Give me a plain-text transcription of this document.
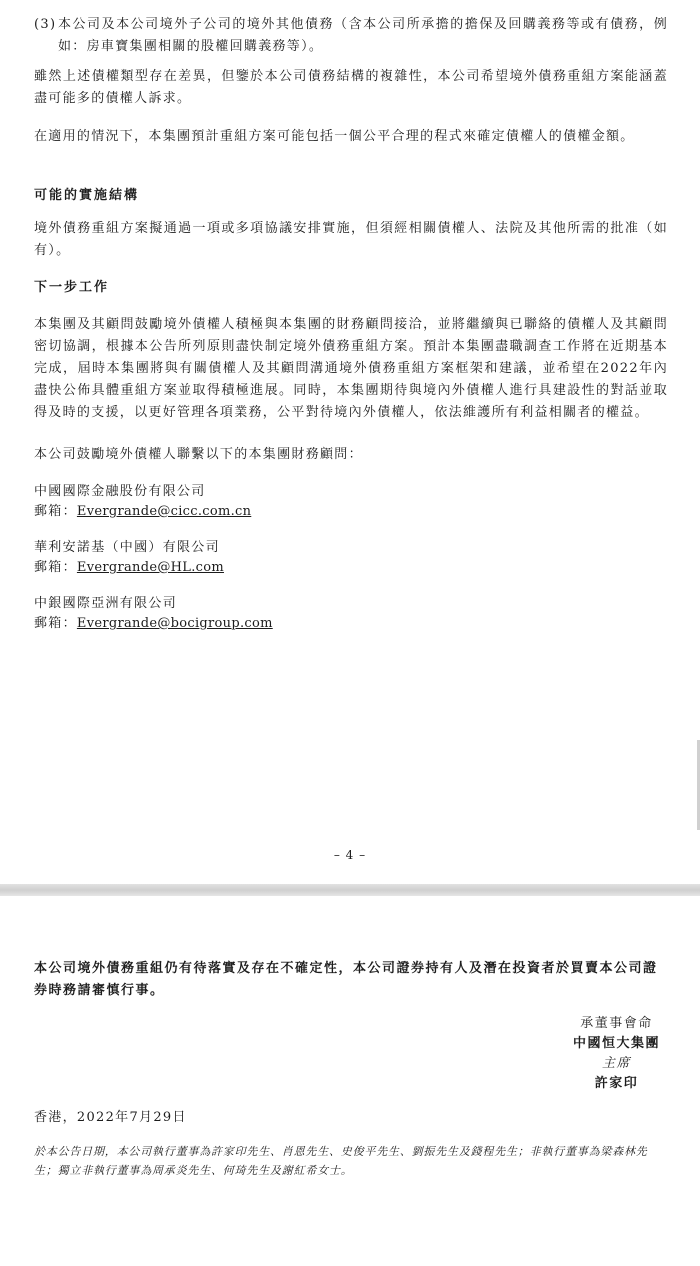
(3) 本公司及本公司境外子公司的境外其他債務（含本公司所承擔的擔保及回購義務等或有債務，例如：房車寶集團相關的股權回購義務等）。

雖然上述債權類型存在差異，但鑒於本公司債務結構的複雜性，本公司希望境外債務重組方案能涵蓋盡可能多的債權人訴求。

在適用的情況下，本集團預計重組方案可能包括一個公平合理的程式來確定債權人的債權金額。

可能的實施結構

境外債務重組方案擬通過一項或多項協議安排實施，但須經相關債權人、法院及其他所需的批准（如有）。

下一步工作

本集團及其顧問鼓勵境外債權人積極與本集團的財務顧問接洽，並將繼續與已聯絡的債權人及其顧問密切協調，根據本公告所列原則盡快制定境外債務重組方案。預計本集團盡職調查工作將在近期基本完成，屆時本集團將與有關債權人及其顧問溝通境外債務重組方案框架和建議，並希望在2022年內盡快公佈具體重組方案並取得積極進展。同時，本集團期待與境內外債權人進行具建設性的對話並取得及時的支援，以更好管理各項業務，公平對待境內外債權人，依法維護所有利益相關者的權益。

本公司鼓勵境外債權人聯繫以下的本集團財務顧問：

中國國際金融股份有限公司
郵箱：Evergrande@cicc.com.cn
華利安諾基（中國）有限公司
郵箱：Evergrande@HL.com
中銀國際亞洲有限公司
郵箱：Evergrande@bocigroup.com
– 4 –

本公司境外債務重組仍有待落實及存在不確定性，本公司證券持有人及潛在投資者於買賣本公司證券時務請審慎行事。

承董事會命
中國恒大集團
主席
許家印
香港，2022年7月29日

於本公告日期，本公司執行董事為許家印先生、肖恩先生、史俊平先生、劉振先生及錢程先生；非執行董事為梁森林先生；獨立非執行董事為周承炎先生、何琦先生及謝紅希女士。
